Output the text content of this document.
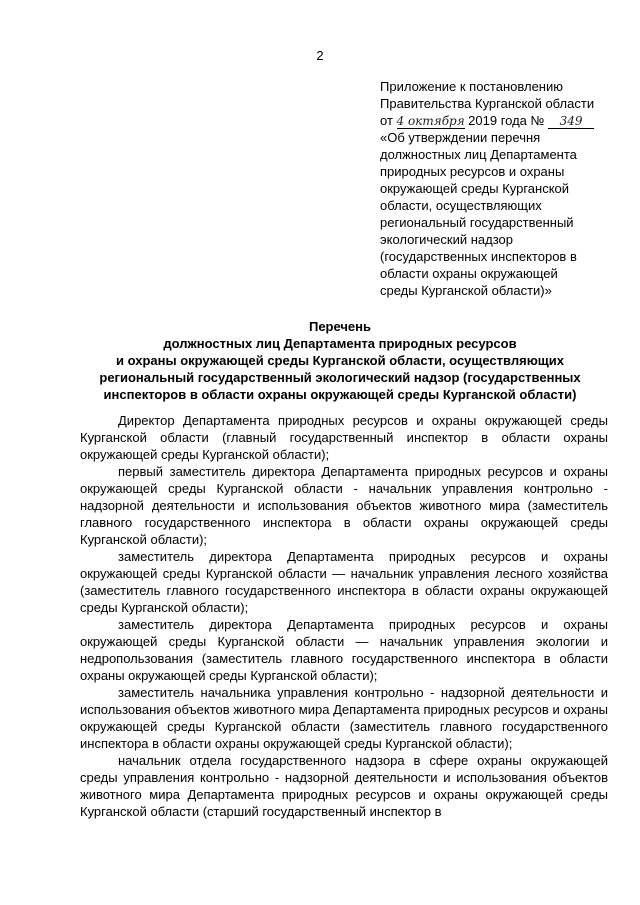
2
Приложение к постановлению
Правительства Курганской области
от 4 октября 2019 года № 349
«Об утверждении перечня
должностных лиц Департамента
природных ресурсов и охраны
окружающей среды Курганской
области, осуществляющих
региональный государственный
экологический надзор
(государственных инспекторов в
области охраны окружающей
среды Курганской области)»
Перечень
должностных лиц Департамента природных ресурсов
и охраны окружающей среды Курганской области, осуществляющих
региональный государственный экологический надзор (государственных
инспекторов в области охраны окружающей среды Курганской области)

Директор Департамента природных ресурсов и охраны окружающей среды Курганской области (главный государственный инспектор в области охраны окружающей среды Курганской области);

первый заместитель директора Департамента природных ресурсов и охраны окружающей среды Курганской области - начальник управления контрольно - надзорной деятельности и использования объектов животного мира (заместитель главного государственного инспектора в области охраны окружающей среды Курганской области);

заместитель директора Департамента природных ресурсов и охраны окружающей среды Курганской области — начальник управления лесного хозяйства (заместитель главного государственного инспектора в области охраны окружающей среды Курганской области);

заместитель директора Департамента природных ресурсов и охраны окружающей среды Курганской области — начальник управления экологии и недропользования (заместитель главного государственного инспектора в области охраны окружающей среды Курганской области);

заместитель начальника управления контрольно - надзорной деятельности и использования объектов животного мира Департамента природных ресурсов и охраны окружающей среды Курганской области (заместитель главного государственного инспектора в области охраны окружающей среды Курганской области);

начальник отдела государственного надзора в сфере охраны окружающей среды управления контрольно - надзорной деятельности и использования объектов животного мира Департамента природных ресурсов и охраны окружающей среды Курганской области (старший государственный инспектор в
